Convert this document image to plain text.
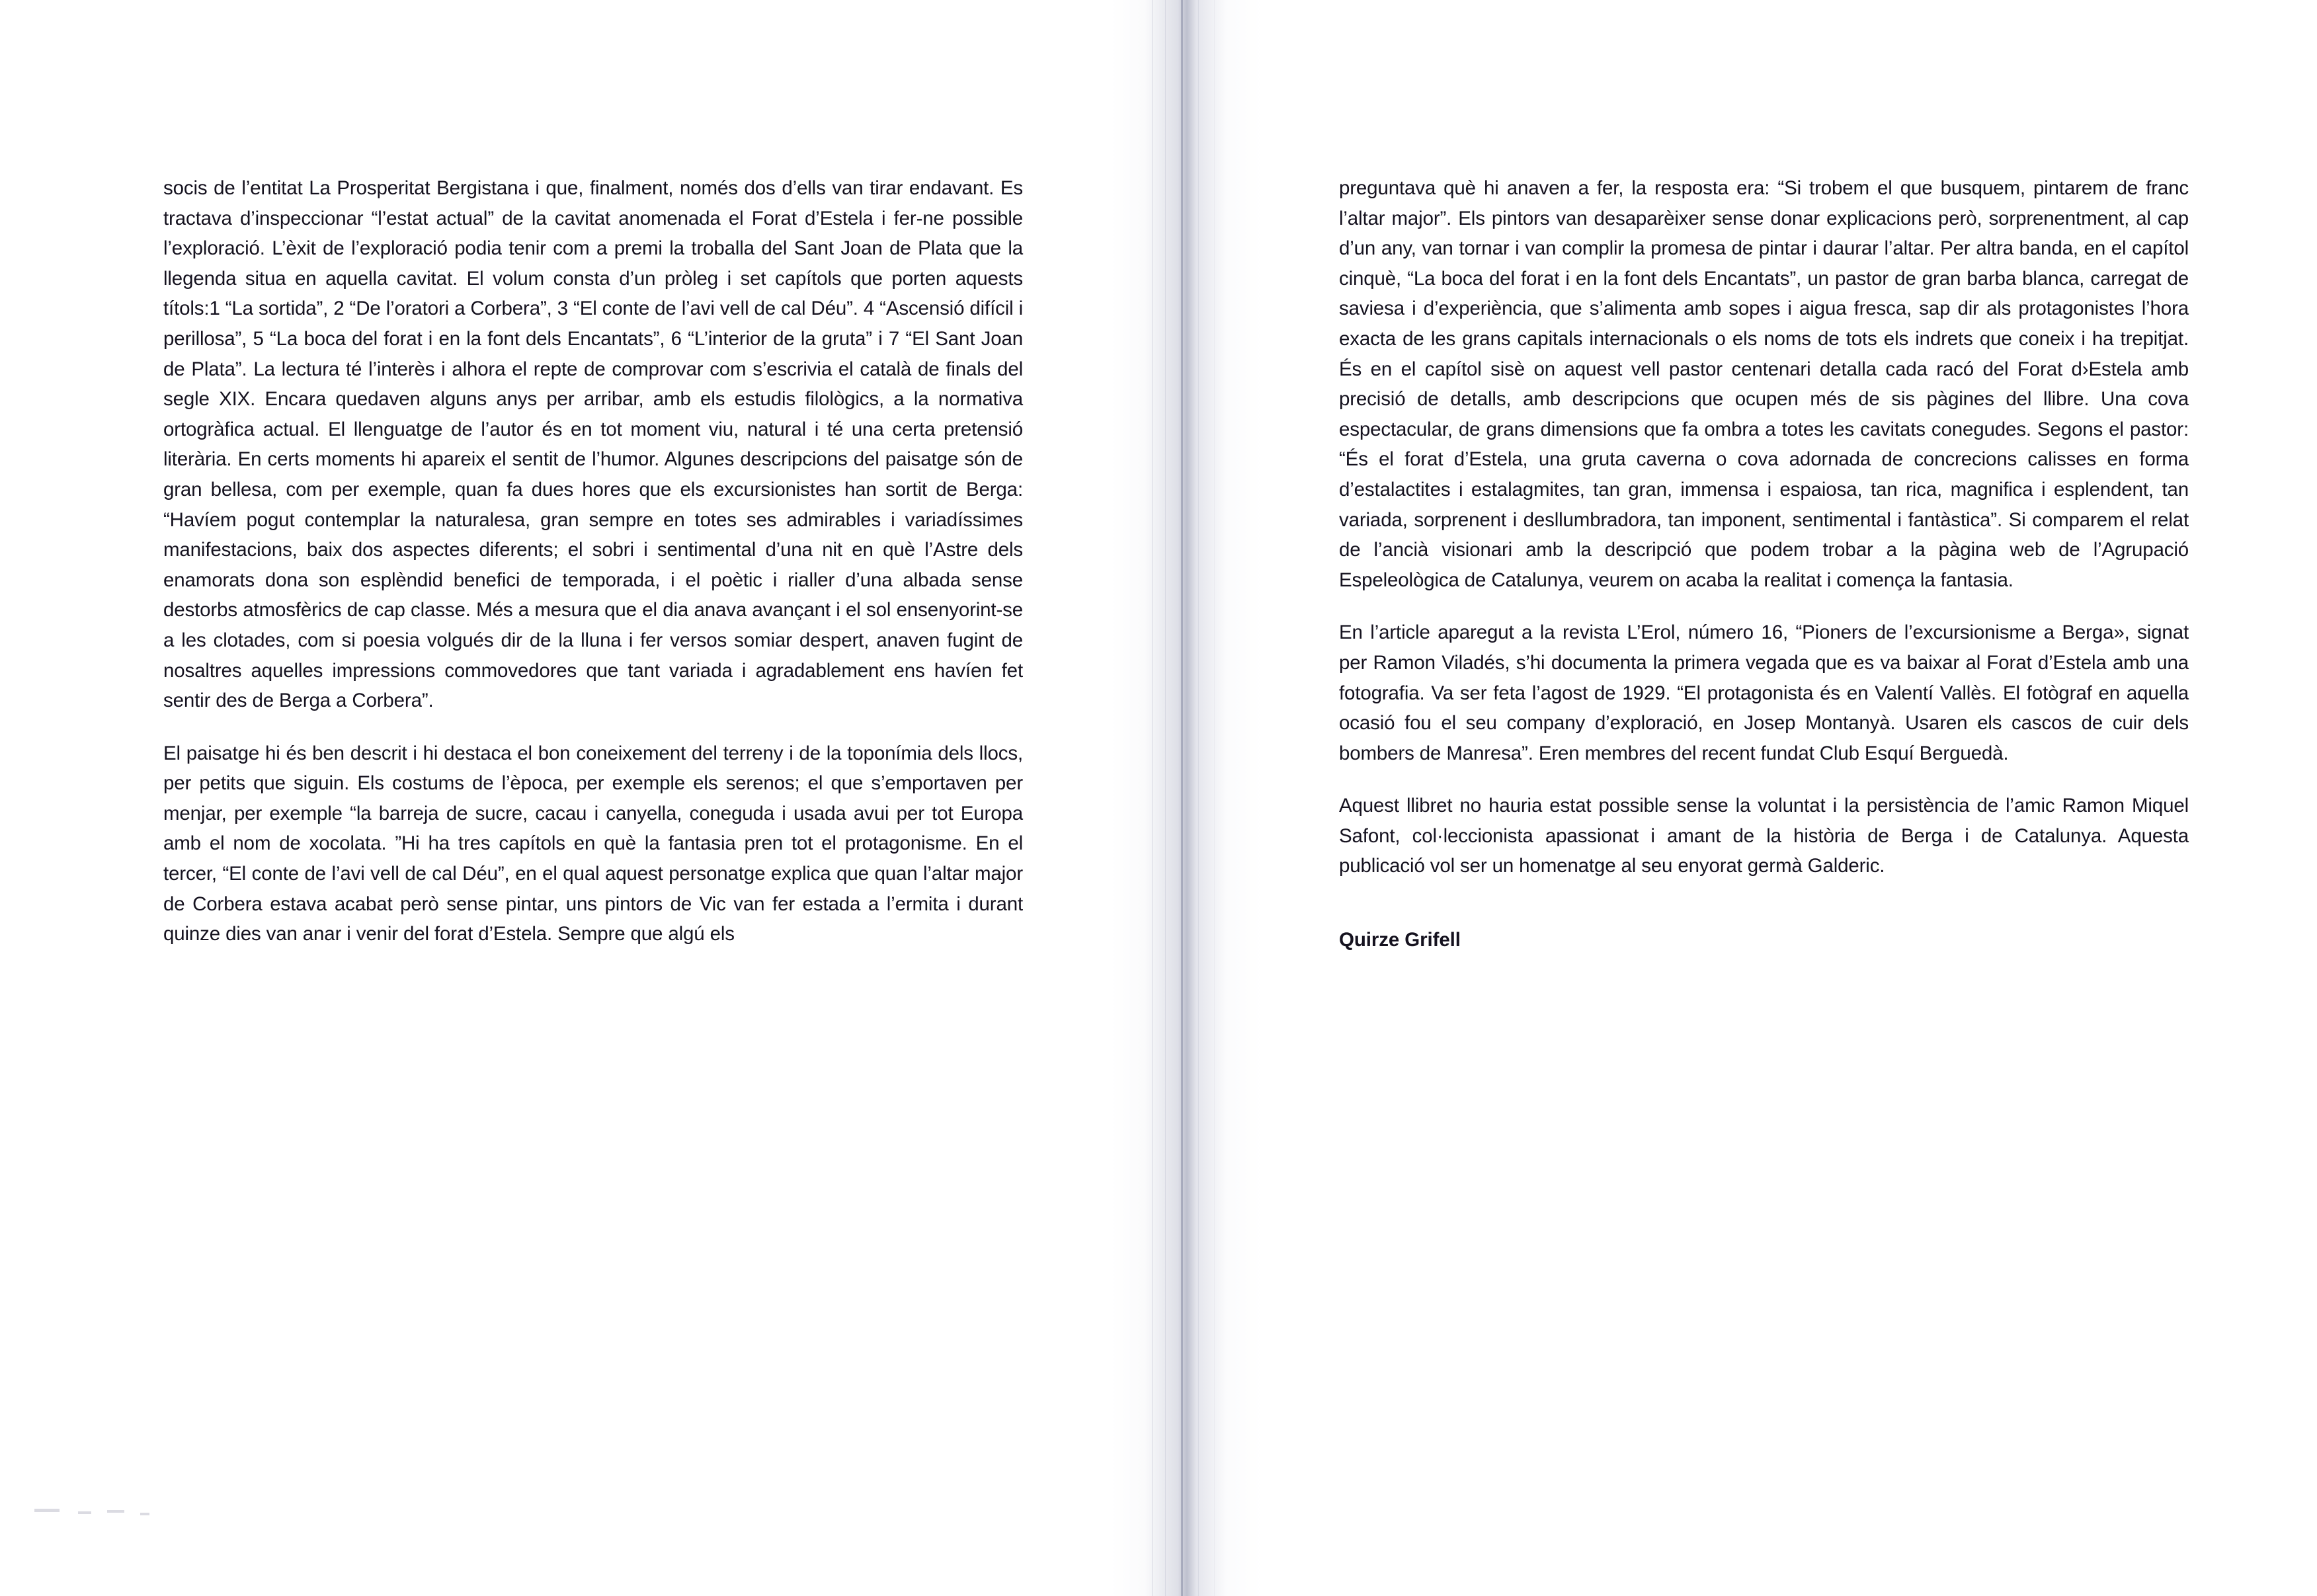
socis de l’entitat La Prosperitat Bergistana i que, finalment, només dos d’ells van tirar endavant. Es tractava d’inspeccionar “l’estat actual” de la cavitat anomenada el Forat d’Estela i fer-ne possible l’exploració. L’èxit de l’exploració podia tenir com a premi la troballa del Sant Joan de Plata que la llegenda situa en aquella cavitat. El volum consta d’un pròleg i set capítols que porten aquests títols:1 “La sortida”, 2 “De l’oratori a Corbera”, 3 “El conte de l’avi vell de cal Déu”. 4 “Ascensió difícil i perillosa”, 5 “La boca del forat i en la font dels Encantats”, 6 “L’interior de la gruta” i 7 “El Sant Joan de Plata”. La lectura té l’interès i alhora el repte de comprovar com s’escrivia el català de finals del segle XIX. Encara quedaven alguns anys per arribar, amb els estudis filològics, a la normativa ortogràfica actual. El llenguatge de l’autor és en tot moment viu, natural i té una certa pretensió literària. En certs moments hi apareix el sentit de l’humor. Algunes descripcions del paisatge són de gran bellesa, com per exemple, quan fa dues hores que els excursionistes han sortit de Berga: “Havíem pogut contemplar la naturalesa, gran sempre en totes ses admirables i variadíssimes manifestacions, baix dos aspectes diferents; el sobri i sentimental d’una nit en què l’Astre dels enamorats dona son esplèndid benefici de temporada, i el poètic i rialler d’una albada sense destorbs atmosfèrics de cap classe. Més a mesura que el dia anava avançant i el sol ensenyorint-se a les clotades, com si poesia volgués dir de la lluna i fer versos somiar despert, anaven fugint de nosaltres aquelles impressions commovedores que tant variada i agradablement ens havíen fet sentir des de Berga a Corbera”.

El paisatge hi és ben descrit i hi destaca el bon coneixement del terreny i de la toponímia dels llocs, per petits que siguin. Els costums de l’època, per exemple els serenos; el que s’emportaven per menjar, per exemple “la barreja de sucre, cacau i canyella, coneguda i usada avui per tot Europa amb el nom de xocolata. ”Hi ha tres capítols en què la fantasia pren tot el protagonisme. En el tercer, “El conte de l’avi vell de cal Déu”, en el qual aquest personatge explica que quan l’altar major de Corbera estava acabat però sense pintar, uns pintors de Vic van fer estada a l’ermita i durant quinze dies van anar i venir del forat d’Estela. Sempre que algú els

preguntava què hi anaven a fer, la resposta era: “Si trobem el que busquem, pintarem de franc l’altar major”. Els pintors van desaparèixer sense donar explicacions però, sorprenentment, al cap d’un any, van tornar i van complir la promesa de pintar i daurar l’altar. Per altra banda, en el capítol cinquè, “La boca del forat i en la font dels Encantats”, un pastor de gran barba blanca, carregat de saviesa i d’experiència, que s’alimenta amb sopes i aigua fresca, sap dir als protagonistes l’hora exacta de les grans capitals internacionals o els noms de tots els indrets que coneix i ha trepitjat. És en el capítol sisè on aquest vell pastor centenari detalla cada racó del Forat d›Estela amb precisió de detalls, amb descripcions que ocupen més de sis pàgines del llibre. Una cova espectacular, de grans dimensions que fa ombra a totes les cavitats conegudes. Segons el pastor: “És el forat d’Estela, una gruta caverna o cova adornada de concrecions calisses en forma d’estalactites i estalagmites, tan gran, immensa i espaiosa, tan rica, magnifica i esplendent, tan variada, sorprenent i desllumbradora, tan imponent, sentimental i fantàstica”. Si comparem el relat de l’ancià visionari amb la descripció que podem trobar a la pàgina web de l’Agrupació Espeleològica de Catalunya, veurem on acaba la realitat i comença la fantasia.

En l’article aparegut a la revista L’Erol, número 16, “Pioners de l’excursionisme a Berga», signat per Ramon Viladés, s’hi documenta la primera vegada que es va baixar al Forat d’Estela amb una fotografia. Va ser feta l’agost de 1929. “El protagonista és en Valentí Vallès. El fotògraf en aquella ocasió fou el seu company d’exploració, en Josep Montanyà. Usaren els cascos de cuir dels bombers de Manresa”. Eren membres del recent fundat Club Esquí Berguedà.

Aquest llibret no hauria estat possible sense la voluntat i la persistència de l’amic Ramon Miquel Safont, col·leccionista apassionat i amant de la història de Berga i de Catalunya. Aquesta publicació vol ser un homenatge al seu enyorat germà Galderic.

Quirze Grifell
